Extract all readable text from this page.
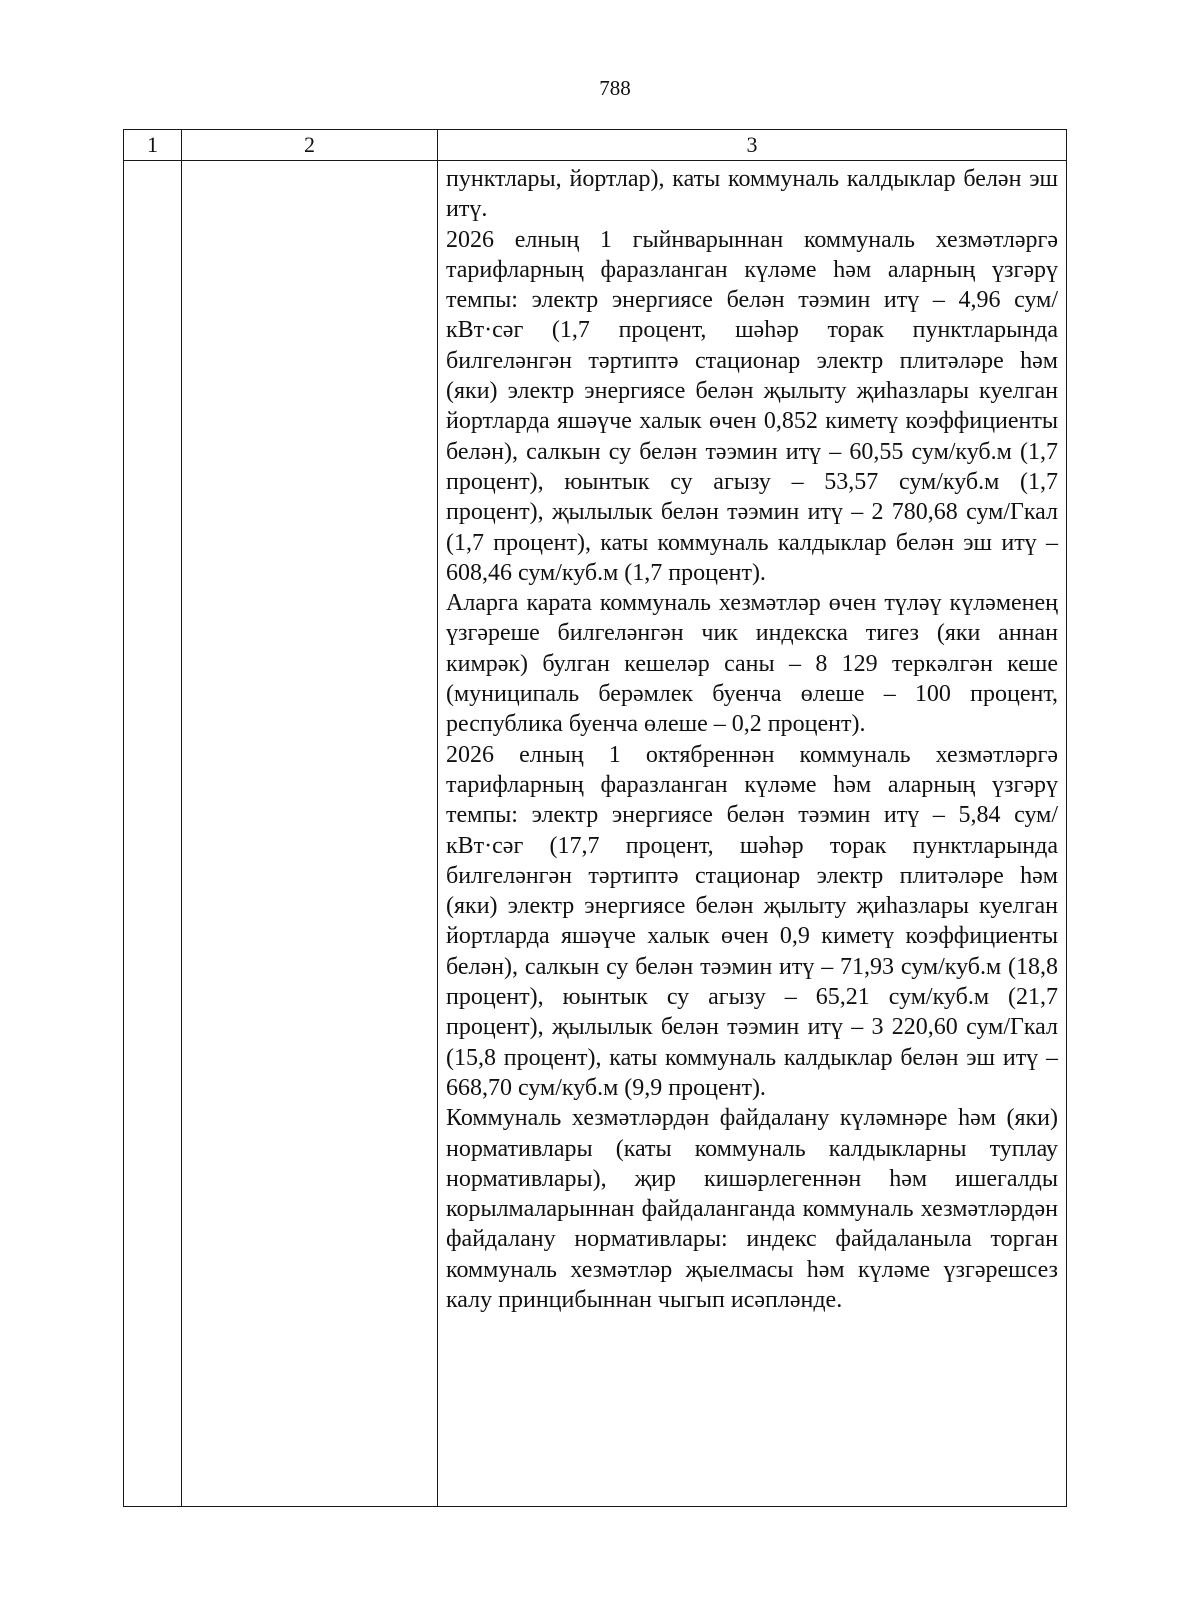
788
1	2	3

		пунктлары, йортлар), каты коммуналь калдыклар белән эш итү.

2026 елның 1 гыйнварыннан коммуналь хезмәтләргә тарифларның фаразланган күләме һәм аларның үзгәрү темпы: электр энергиясе белән тәэмин итү – 4,96 сум/кВт·сәг (1,7 процент, шәһәр торак пунктларында билгеләнгән тәртиптә стационар электр плитәләре һәм (яки) электр энергиясе белән җылыту җиһазлары куелган йортларда яшәүче халык өчен 0,852 киметү коэффициенты белән), салкын су белән тәэмин итү – 60,55 сум/куб.м (1,7 процент), юынтык су агызу – 53,57 сум/куб.м (1,7 процент), җылылык белән тәэмин итү – 2 780,68 сум/Гкал (1,7 процент), каты коммуналь калдыклар белән эш итү – 608,46 сум/куб.м (1,7 процент).

Аларга карата коммуналь хезмәтләр өчен түләү күләменең үзгәреше билгеләнгән чик индекска тигез (яки аннан кимрәк) булган кешеләр саны – 8 129 теркәлгән кеше (муниципаль берәмлек буенча өлеше – 100 процент, республика буенча өлеше – 0,2 процент).

2026 елның 1 октябреннән коммуналь хезмәтләргә тарифларның фаразланган күләме һәм аларның үзгәрү темпы: электр энергиясе белән тәэмин итү – 5,84 сум/кВт·сәг (17,7 процент, шәһәр торак пунктларында билгеләнгән тәртиптә стационар электр плитәләре һәм (яки) электр энергиясе белән җылыту җиһазлары куелган йортларда яшәүче халык өчен 0,9 киметү коэффициенты белән), салкын су белән тәэмин итү – 71,93 сум/куб.м (18,8 процент), юынтык су агызу – 65,21 сум/куб.м (21,7 процент), җылылык белән тәэмин итү – 3 220,60 сум/Гкал (15,8 процент), каты коммуналь калдыклар белән эш итү – 668,70 сум/куб.м (9,9 процент).

Коммуналь хезмәтләрдән файдалану күләмнәре һәм (яки) нормативлары (каты коммуналь калдыкларны туплау нормативлары), җир кишәрлегеннән һәм ишегалды корылмаларыннан файдаланганда коммуналь хезмәтләрдән файдалану нормативлары: индекс файдаланыла торган коммуналь хезмәтләр җыелмасы һәм күләме үзгәрешсез калу принцибыннан чыгып исәпләнде.
